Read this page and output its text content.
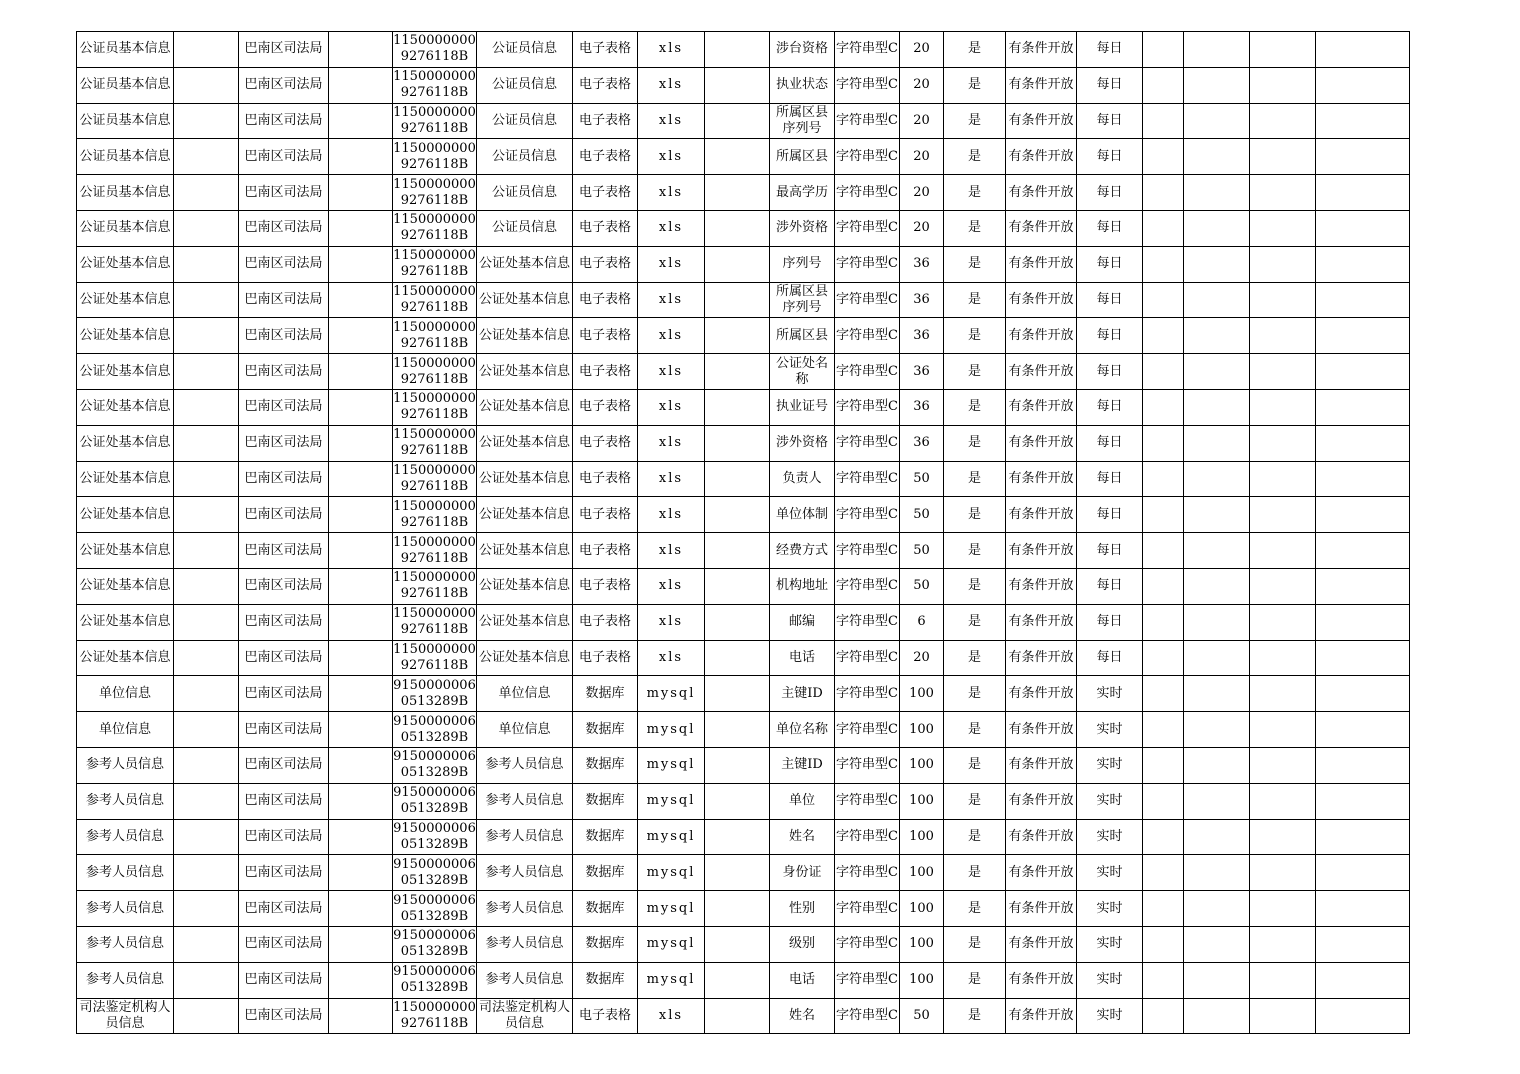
公证员基本信息		巴南区司法局		11500000009276118B	公证员信息	电子表格	xls		涉台资格	字符串型C	20	是	有条件开放	每日				
公证员基本信息		巴南区司法局		11500000009276118B	公证员信息	电子表格	xls		执业状态	字符串型C	20	是	有条件开放	每日				
公证员基本信息		巴南区司法局		11500000009276118B	公证员信息	电子表格	xls		所属区县序列号	字符串型C	20	是	有条件开放	每日				
公证员基本信息		巴南区司法局		11500000009276118B	公证员信息	电子表格	xls		所属区县	字符串型C	20	是	有条件开放	每日				
公证员基本信息		巴南区司法局		11500000009276118B	公证员信息	电子表格	xls		最高学历	字符串型C	20	是	有条件开放	每日				
公证员基本信息		巴南区司法局		11500000009276118B	公证员信息	电子表格	xls		涉外资格	字符串型C	20	是	有条件开放	每日				
公证处基本信息		巴南区司法局		11500000009276118B	公证处基本信息	电子表格	xls		序列号	字符串型C	36	是	有条件开放	每日				
公证处基本信息		巴南区司法局		11500000009276118B	公证处基本信息	电子表格	xls		所属区县序列号	字符串型C	36	是	有条件开放	每日				
公证处基本信息		巴南区司法局		11500000009276118B	公证处基本信息	电子表格	xls		所属区县	字符串型C	36	是	有条件开放	每日				
公证处基本信息		巴南区司法局		11500000009276118B	公证处基本信息	电子表格	xls		公证处名称	字符串型C	36	是	有条件开放	每日				
公证处基本信息		巴南区司法局		11500000009276118B	公证处基本信息	电子表格	xls		执业证号	字符串型C	36	是	有条件开放	每日				
公证处基本信息		巴南区司法局		11500000009276118B	公证处基本信息	电子表格	xls		涉外资格	字符串型C	36	是	有条件开放	每日				
公证处基本信息		巴南区司法局		11500000009276118B	公证处基本信息	电子表格	xls		负责人	字符串型C	50	是	有条件开放	每日				
公证处基本信息		巴南区司法局		11500000009276118B	公证处基本信息	电子表格	xls		单位体制	字符串型C	50	是	有条件开放	每日				
公证处基本信息		巴南区司法局		11500000009276118B	公证处基本信息	电子表格	xls		经费方式	字符串型C	50	是	有条件开放	每日				
公证处基本信息		巴南区司法局		11500000009276118B	公证处基本信息	电子表格	xls		机构地址	字符串型C	50	是	有条件开放	每日				
公证处基本信息		巴南区司法局		11500000009276118B	公证处基本信息	电子表格	xls		邮编	字符串型C	6	是	有条件开放	每日				
公证处基本信息		巴南区司法局		11500000009276118B	公证处基本信息	电子表格	xls		电话	字符串型C	20	是	有条件开放	每日				
单位信息		巴南区司法局		91500000060513289B	单位信息	数据库	mysql		主键ID	字符串型C	100	是	有条件开放	实时				
单位信息		巴南区司法局		91500000060513289B	单位信息	数据库	mysql		单位名称	字符串型C	100	是	有条件开放	实时				
参考人员信息		巴南区司法局		91500000060513289B	参考人员信息	数据库	mysql		主键ID	字符串型C	100	是	有条件开放	实时				
参考人员信息		巴南区司法局		91500000060513289B	参考人员信息	数据库	mysql		单位	字符串型C	100	是	有条件开放	实时				
参考人员信息		巴南区司法局		91500000060513289B	参考人员信息	数据库	mysql		姓名	字符串型C	100	是	有条件开放	实时				
参考人员信息		巴南区司法局		91500000060513289B	参考人员信息	数据库	mysql		身份证	字符串型C	100	是	有条件开放	实时				
参考人员信息		巴南区司法局		91500000060513289B	参考人员信息	数据库	mysql		性别	字符串型C	100	是	有条件开放	实时				
参考人员信息		巴南区司法局		91500000060513289B	参考人员信息	数据库	mysql		级别	字符串型C	100	是	有条件开放	实时				
参考人员信息		巴南区司法局		91500000060513289B	参考人员信息	数据库	mysql		电话	字符串型C	100	是	有条件开放	实时				
司法鉴定机构人员信息		巴南区司法局		11500000009276118B	司法鉴定机构人员信息	电子表格	xls		姓名	字符串型C	50	是	有条件开放	实时				
